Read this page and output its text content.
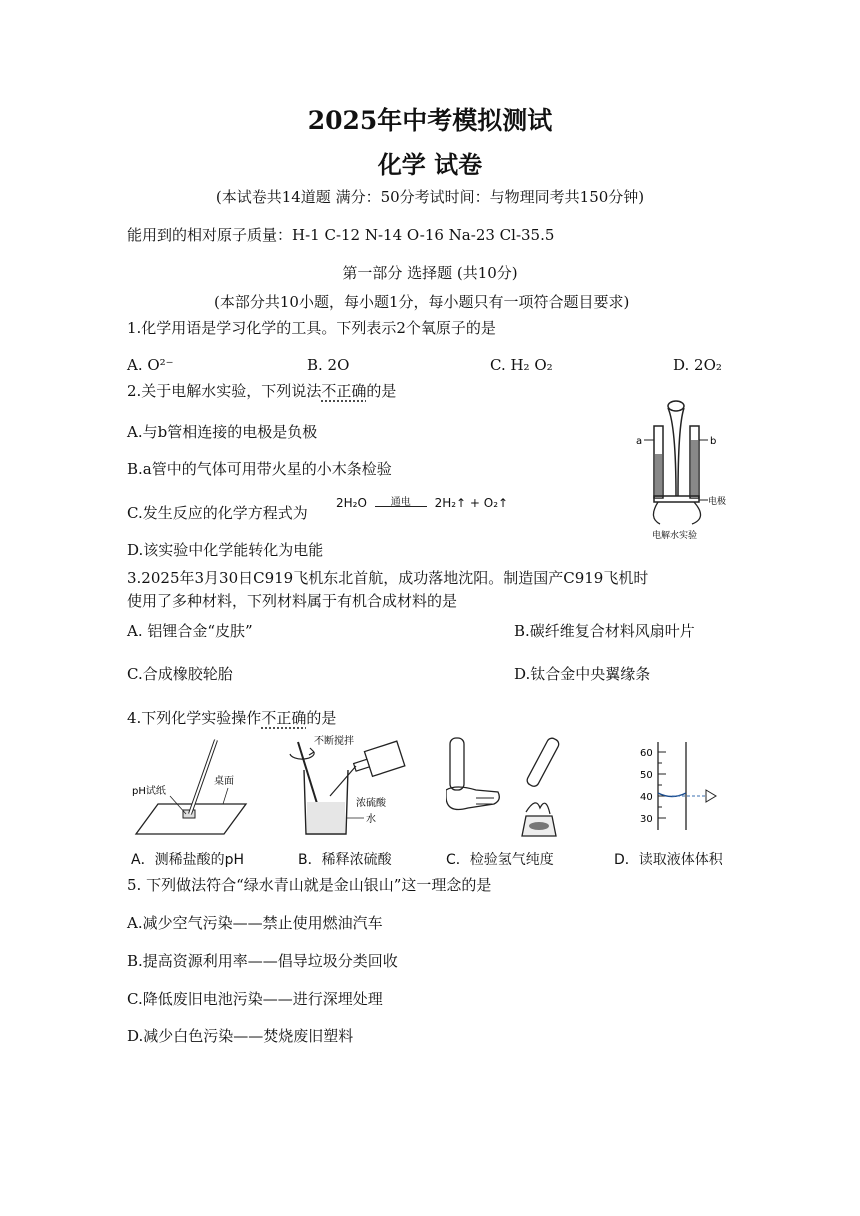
2025年中考模拟测试
化学 试卷
(本试卷共14道题 满分：50分考试时间：与物理同考共150分钟)
能用到的相对原子质量：H-1 C-12 N-14 O-16 Na-23 Cl-35.5
第一部分 选择题 (共10分)
(本部分共10小题，每小题1分，每小题只有一项符合题目要求)
1.化学用语是学习化学的工具。下列表示2个氧原子的是
A. O²⁻	B. 2O	C. H₂ O₂	D. 2O₂
2.关于电解水实验，下列说法不正确的是
A.与b管相连接的电极是负极
B.a管中的气体可用带火星的小木条检验
C.发生反应的化学方程式为
2H₂O 通电 2H₂↑ + O₂↑
D.该实验中化学能转化为电能
a	b
电极
电解水实验
3.2025年3月30日C919飞机东北首航，成功落地沈阳。制造国产C919飞机时
使用了多种材料，下列材料属于有机合成材料的是
A. 铝锂合金“皮肤”	B.碳纤维复合材料风扇叶片
C.合成橡胶轮胎	D.钛合金中央翼缘条
4.下列化学实验操作不正确的是
pH试纸
桌面
不断搅拌
浓硫酸
水
60
50
40
30
A．测稀盐酸的pH	B．稀释浓硫酸	C．检验氢气纯度	D．读取液体体积
5. 下列做法符合“绿水青山就是金山银山”这一理念的是
A.减少空气污染——禁止使用燃油汽车
B.提高资源利用率——倡导垃圾分类回收
C.降低废旧电池污染——进行深埋处理
D.减少白色污染——焚烧废旧塑料
